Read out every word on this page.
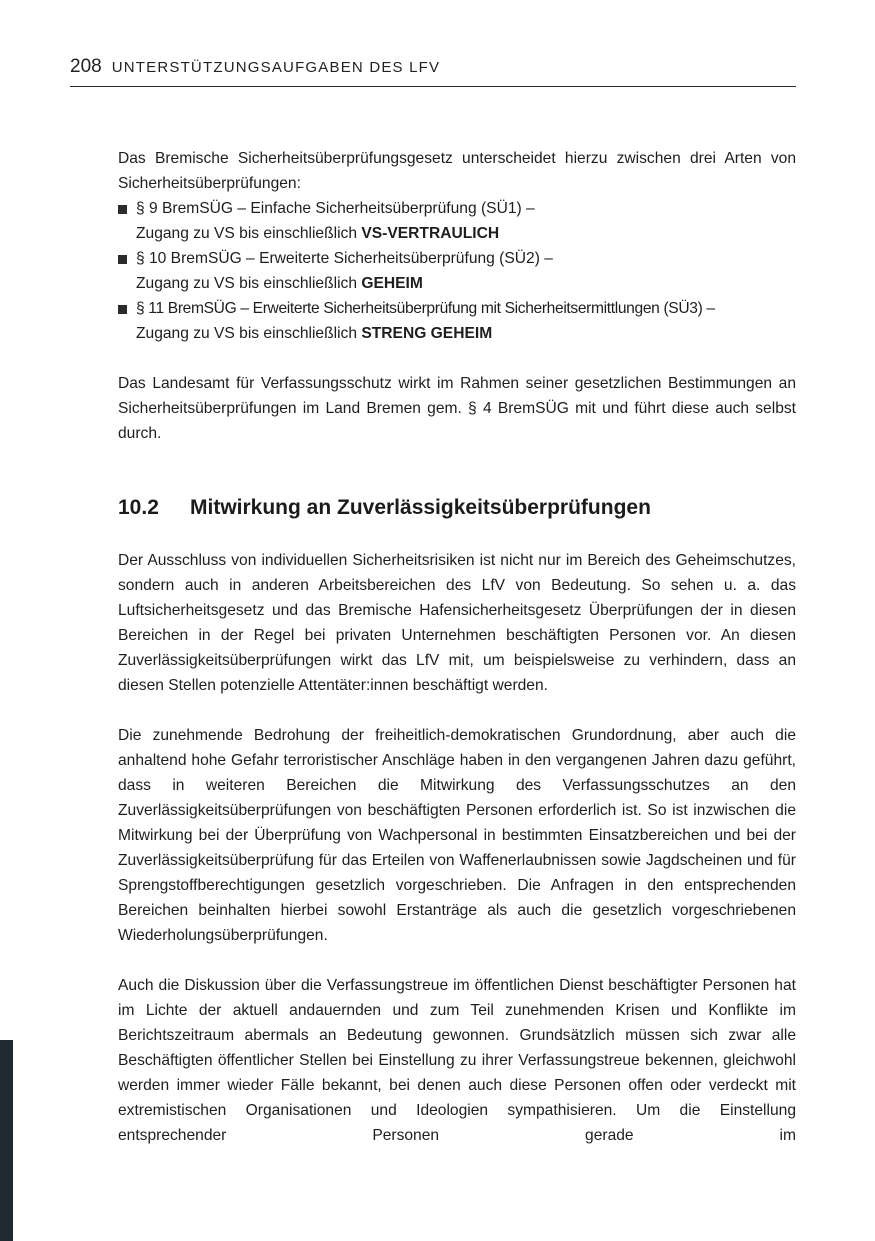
208 UNTERSTÜTZUNGSAUFGABEN DES LFV

Das Bremische Sicherheitsüberprüfungsgesetz unterscheidet hierzu zwischen drei Arten von Sicherheitsüberprüfungen:

§ 9 BremSÜG – Einfache Sicherheitsüberprüfung (SÜ1) –
Zugang zu VS bis einschließlich VS-VERTRAULICH
§ 10 BremSÜG – Erweiterte Sicherheitsüberprüfung (SÜ2) –
Zugang zu VS bis einschließlich GEHEIM
§ 11 BremSÜG – Erweiterte Sicherheitsüberprüfung mit Sicherheitsermittlungen (SÜ3) –
Zugang zu VS bis einschließlich STRENG GEHEIM

Das Landesamt für Verfassungsschutz wirkt im Rahmen seiner gesetzlichen Bestimmungen an Sicherheitsüberprüfungen im Land Bremen gem. § 4 BremSÜG mit und führt diese auch selbst durch.

10.2	Mitwirkung an Zuverlässigkeitsüberprüfungen

Der Ausschluss von individuellen Sicherheitsrisiken ist nicht nur im Bereich des Geheimschutzes, sondern auch in anderen Arbeitsbereichen des LfV von Bedeutung. So sehen u. a. das Luftsicherheitsgesetz und das Bremische Hafensicherheitsgesetz Überprüfungen der in diesen Bereichen in der Regel bei privaten Unternehmen beschäftigten Personen vor. An diesen Zuverlässigkeitsüberprüfungen wirkt das LfV mit, um beispielsweise zu verhindern, dass an diesen Stellen potenzielle Attentäter:innen beschäftigt werden.

Die zunehmende Bedrohung der freiheitlich-demokratischen Grundordnung, aber auch die anhaltend hohe Gefahr terroristischer Anschläge haben in den vergangenen Jahren dazu geführt, dass in weiteren Bereichen die Mitwirkung des Verfassungsschutzes an den Zuverlässigkeitsüberprüfungen von beschäftigten Personen erforderlich ist. So ist inzwischen die Mitwirkung bei der Überprüfung von Wachpersonal in bestimmten Einsatzbereichen und bei der Zuverlässigkeitsüberprüfung für das Erteilen von Waffenerlaubnissen sowie Jagdscheinen und für Sprengstoffberechtigungen gesetzlich vorgeschrieben. Die Anfragen in den entsprechenden Bereichen beinhalten hierbei sowohl Erstanträge als auch die gesetzlich vorgeschriebenen Wiederholungsüberprüfungen.

Auch die Diskussion über die Verfassungstreue im öffentlichen Dienst beschäftigter Personen hat im Lichte der aktuell andauernden und zum Teil zunehmenden Krisen und Konflikte im Berichtszeitraum abermals an Bedeutung gewonnen. Grundsätzlich müssen sich zwar alle Beschäftigten öffentlicher Stellen bei Einstellung zu ihrer Verfassungstreue bekennen, gleichwohl werden immer wieder Fälle bekannt, bei denen auch diese Personen offen oder verdeckt mit extremistischen Organisationen und Ideologien sympathisieren. Um die Einstellung entsprechender Personen gerade im
